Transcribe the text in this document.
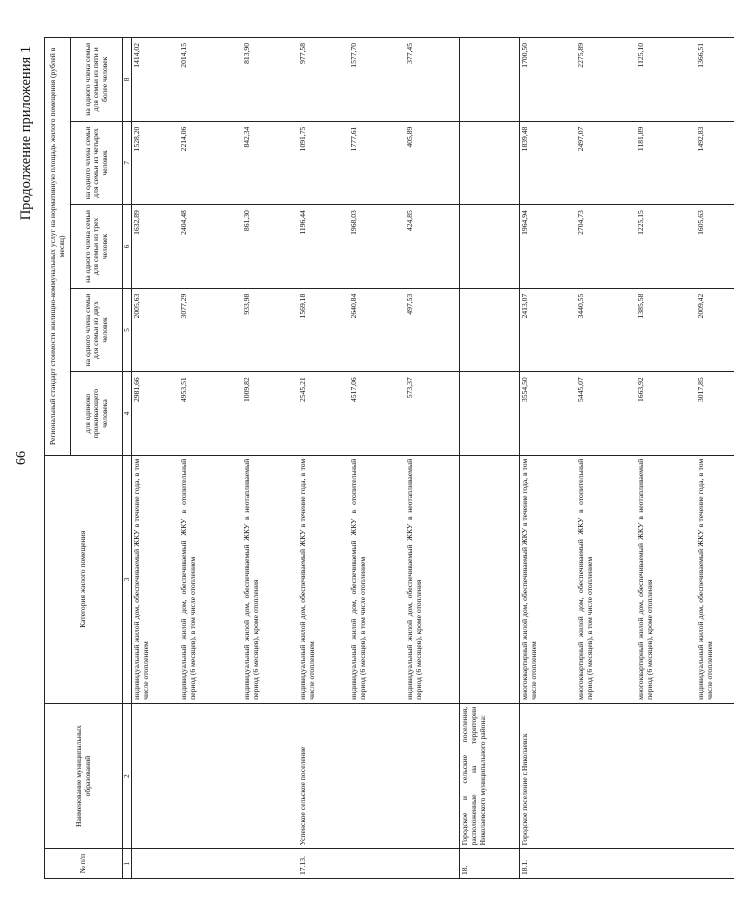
66
Продолжение приложения 1
№ п/п	Наименование муниципальных образований	Категория жилого помещения	Региональный стандарт стоимости жилищно-коммунальных услуг на нормативную площадь жилого помещения (рублей в месяц)				
			для одиноко проживающего человека	на одного члена семьи для семьи из двух человек	на одного члена семьи для семьи из трех человек	на одного члена семьи для семьи из четырех человек	на одного члена семьи для семьи из пяти и более человек

1	2	3	4	5	6	7	8
		индивидуальный жилой дом, обеспечиваемый ЖКУ в течение года, в том числе отоплением	2981,66	2005,63	1632,89	1528,20	1414,02
		индивидуальный жилой дом, обеспечиваемый ЖКУ в отопительный период (6 месяцев), в том числе отоплением	4953,51	3077,29	2404,48	2214,06	2014,15
		индивидуальный жилой дом, обеспечиваемый ЖКУ в неотапливаемый период (6 месяцев), кроме отопления	1009,82	933,98	861,30	842,34	813,90
17.13.	Успенское сельское поселение	индивидуальный жилой дом, обеспечиваемый ЖКУ в течение года, в том числе отоплением	2545,21	1569,18	1196,44	1091,75	977,58
		индивидуальный жилой дом, обеспечиваемый ЖКУ в отопительный период (6 месяцев), в том числе отоплением	4517,06	2640,84	1968,03	1777,61	1577,70
		индивидуальный жилой дом, обеспечиваемый ЖКУ в неотапливаемый период (6 месяцев), кроме отопления	573,37	497,53	424,85	405,89	377,45
18.	Городское и сельские поселения, расположенные на территории Николаевского муниципального района:						
18.1.	Городское поселение г.Николаевск	многоквартирный жилой дом, обеспечиваемый ЖКУ в течение года, в том числе отоплением	3554,50	2413,07	1964,94	1839,48	1700,50
		многоквартирный жилой дом, обеспечиваемый ЖКУ в отопительный период (6 месяцев), в том числе отоплением	5445,07	3440,55	2704,73	2497,07	2275,89
		многоквартирный жилой дом, обеспечиваемый ЖКУ в неотапливаемый период (6 месяцев), кроме отопления	1663,92	1385,58	1225,15	1181,89	1125,10
		индивидуальный жилой дом, обеспечиваемый ЖКУ в течение года, в том числе отоплением	3017,85	2009,42	1605,63	1492,83	1366,51
